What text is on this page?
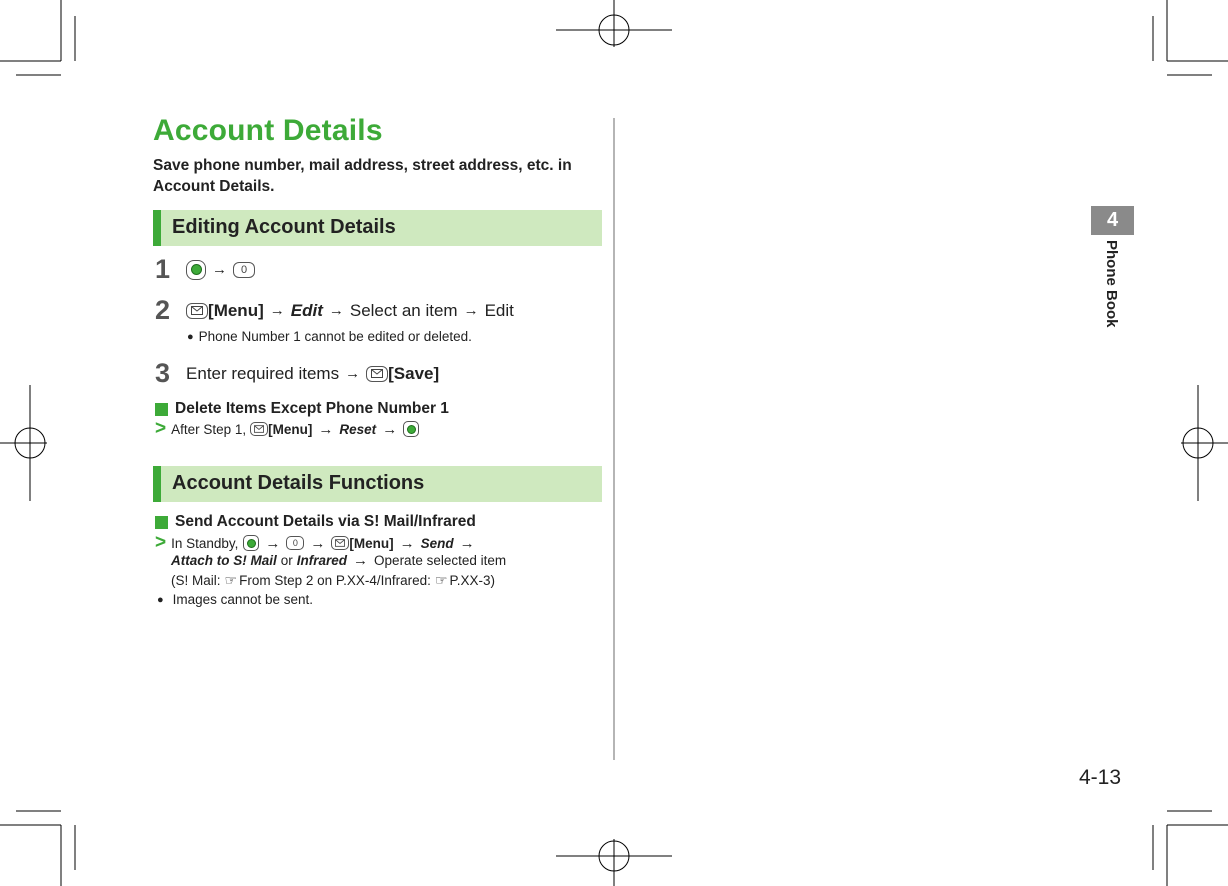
Account Details
Save phone number, mail address, street address, etc. in Account Details.
Editing Account Details
1	→	0
2 [Menu] → Edit → Select an item → Edit
● Phone Number 1 cannot be edited or deleted.
3 Enter required items → [Save]
Delete Items Except Phone Number 1
> After Step 1, [Menu] → Reset →
Account Details Functions
Send Account Details via S! Mail/Infrared
> In Standby, →	0 → [Menu] → Send →
Attach to S! Mail or Infrared → Operate selected item
(S! Mail: ☞ From Step 2 on P.XX-4/Infrared: ☞ P.XX-3)
● Images cannot be sent.
4
Phone Book
4-13
